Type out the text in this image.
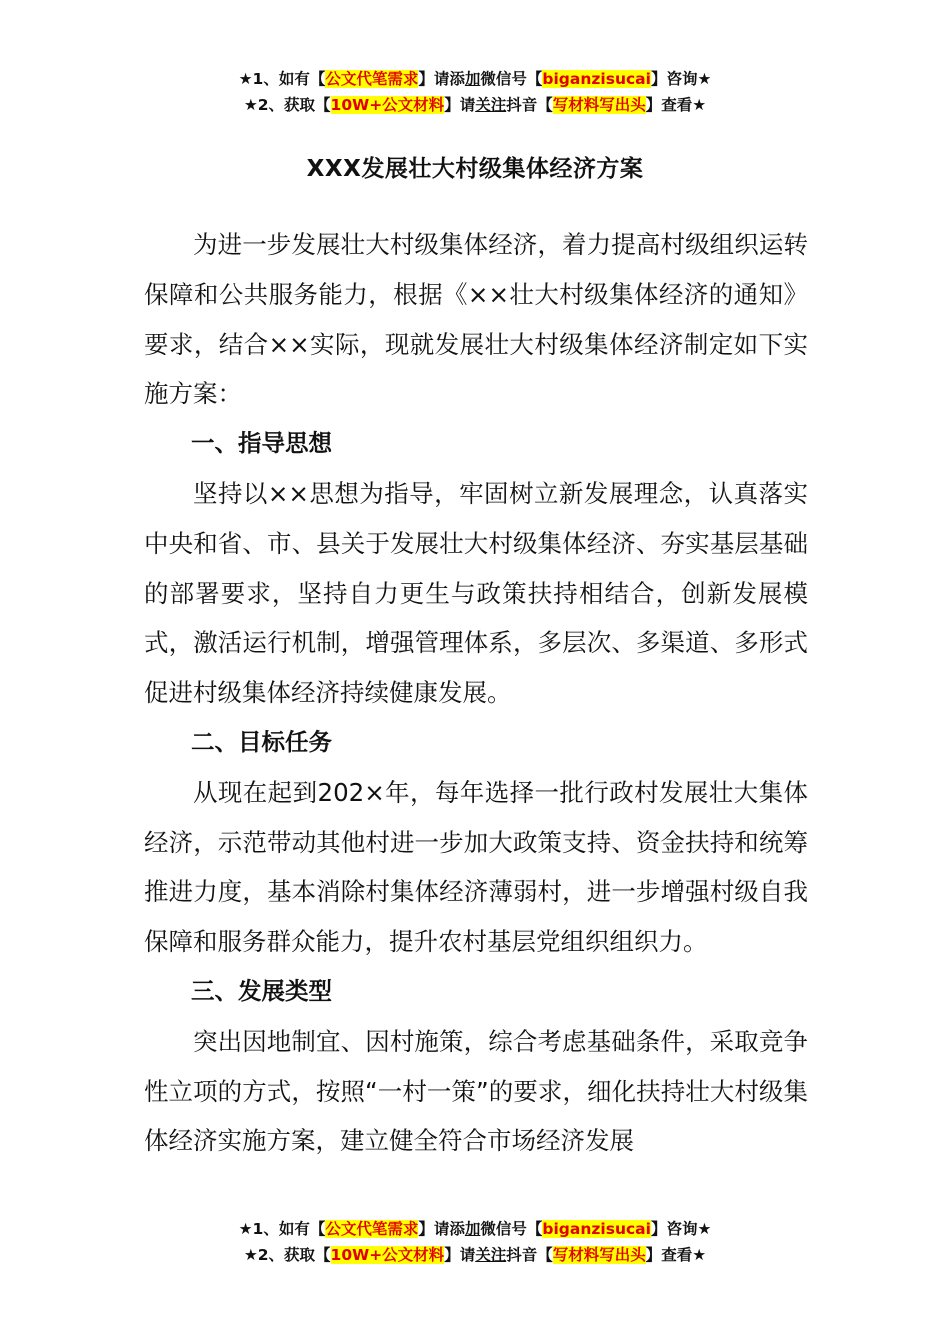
★1、如有【公文代笔需求】请添加微信号【biganzisucai】咨询★
★2、获取【10W+公文材料】请关注抖音【写材料写出头】查看★
XXX发展壮大村级集体经济方案

为进一步发展壮大村级集体经济，着力提高村级组织运转保障和公共服务能力，根据《××壮大村级集体经济的通知》要求，结合××实际，现就发展壮大村级集体经济制定如下实施方案：

一、指导思想

坚持以××思想为指导，牢固树立新发展理念，认真落实中央和省、市、县关于发展壮大村级集体经济、夯实基层基础的部署要求，坚持自力更生与政策扶持相结合，创新发展模式，激活运行机制，增强管理体系，多层次、多渠道、多形式促进村级集体经济持续健康发展。

二、目标任务

从现在起到202×年，每年选择一批行政村发展壮大集体经济，示范带动其他村进一步加大政策支持、资金扶持和统筹推进力度，基本消除村集体经济薄弱村，进一步增强村级自我保障和服务群众能力，提升农村基层党组织组织力。

三、发展类型

突出因地制宜、因村施策，综合考虑基础条件，采取竞争性立项的方式，按照“一村一策”的要求，细化扶持壮大村级集体经济实施方案，建立健全符合市场经济发展

★1、如有【公文代笔需求】请添加微信号【biganzisucai】咨询★
★2、获取【10W+公文材料】请关注抖音【写材料写出头】查看★
